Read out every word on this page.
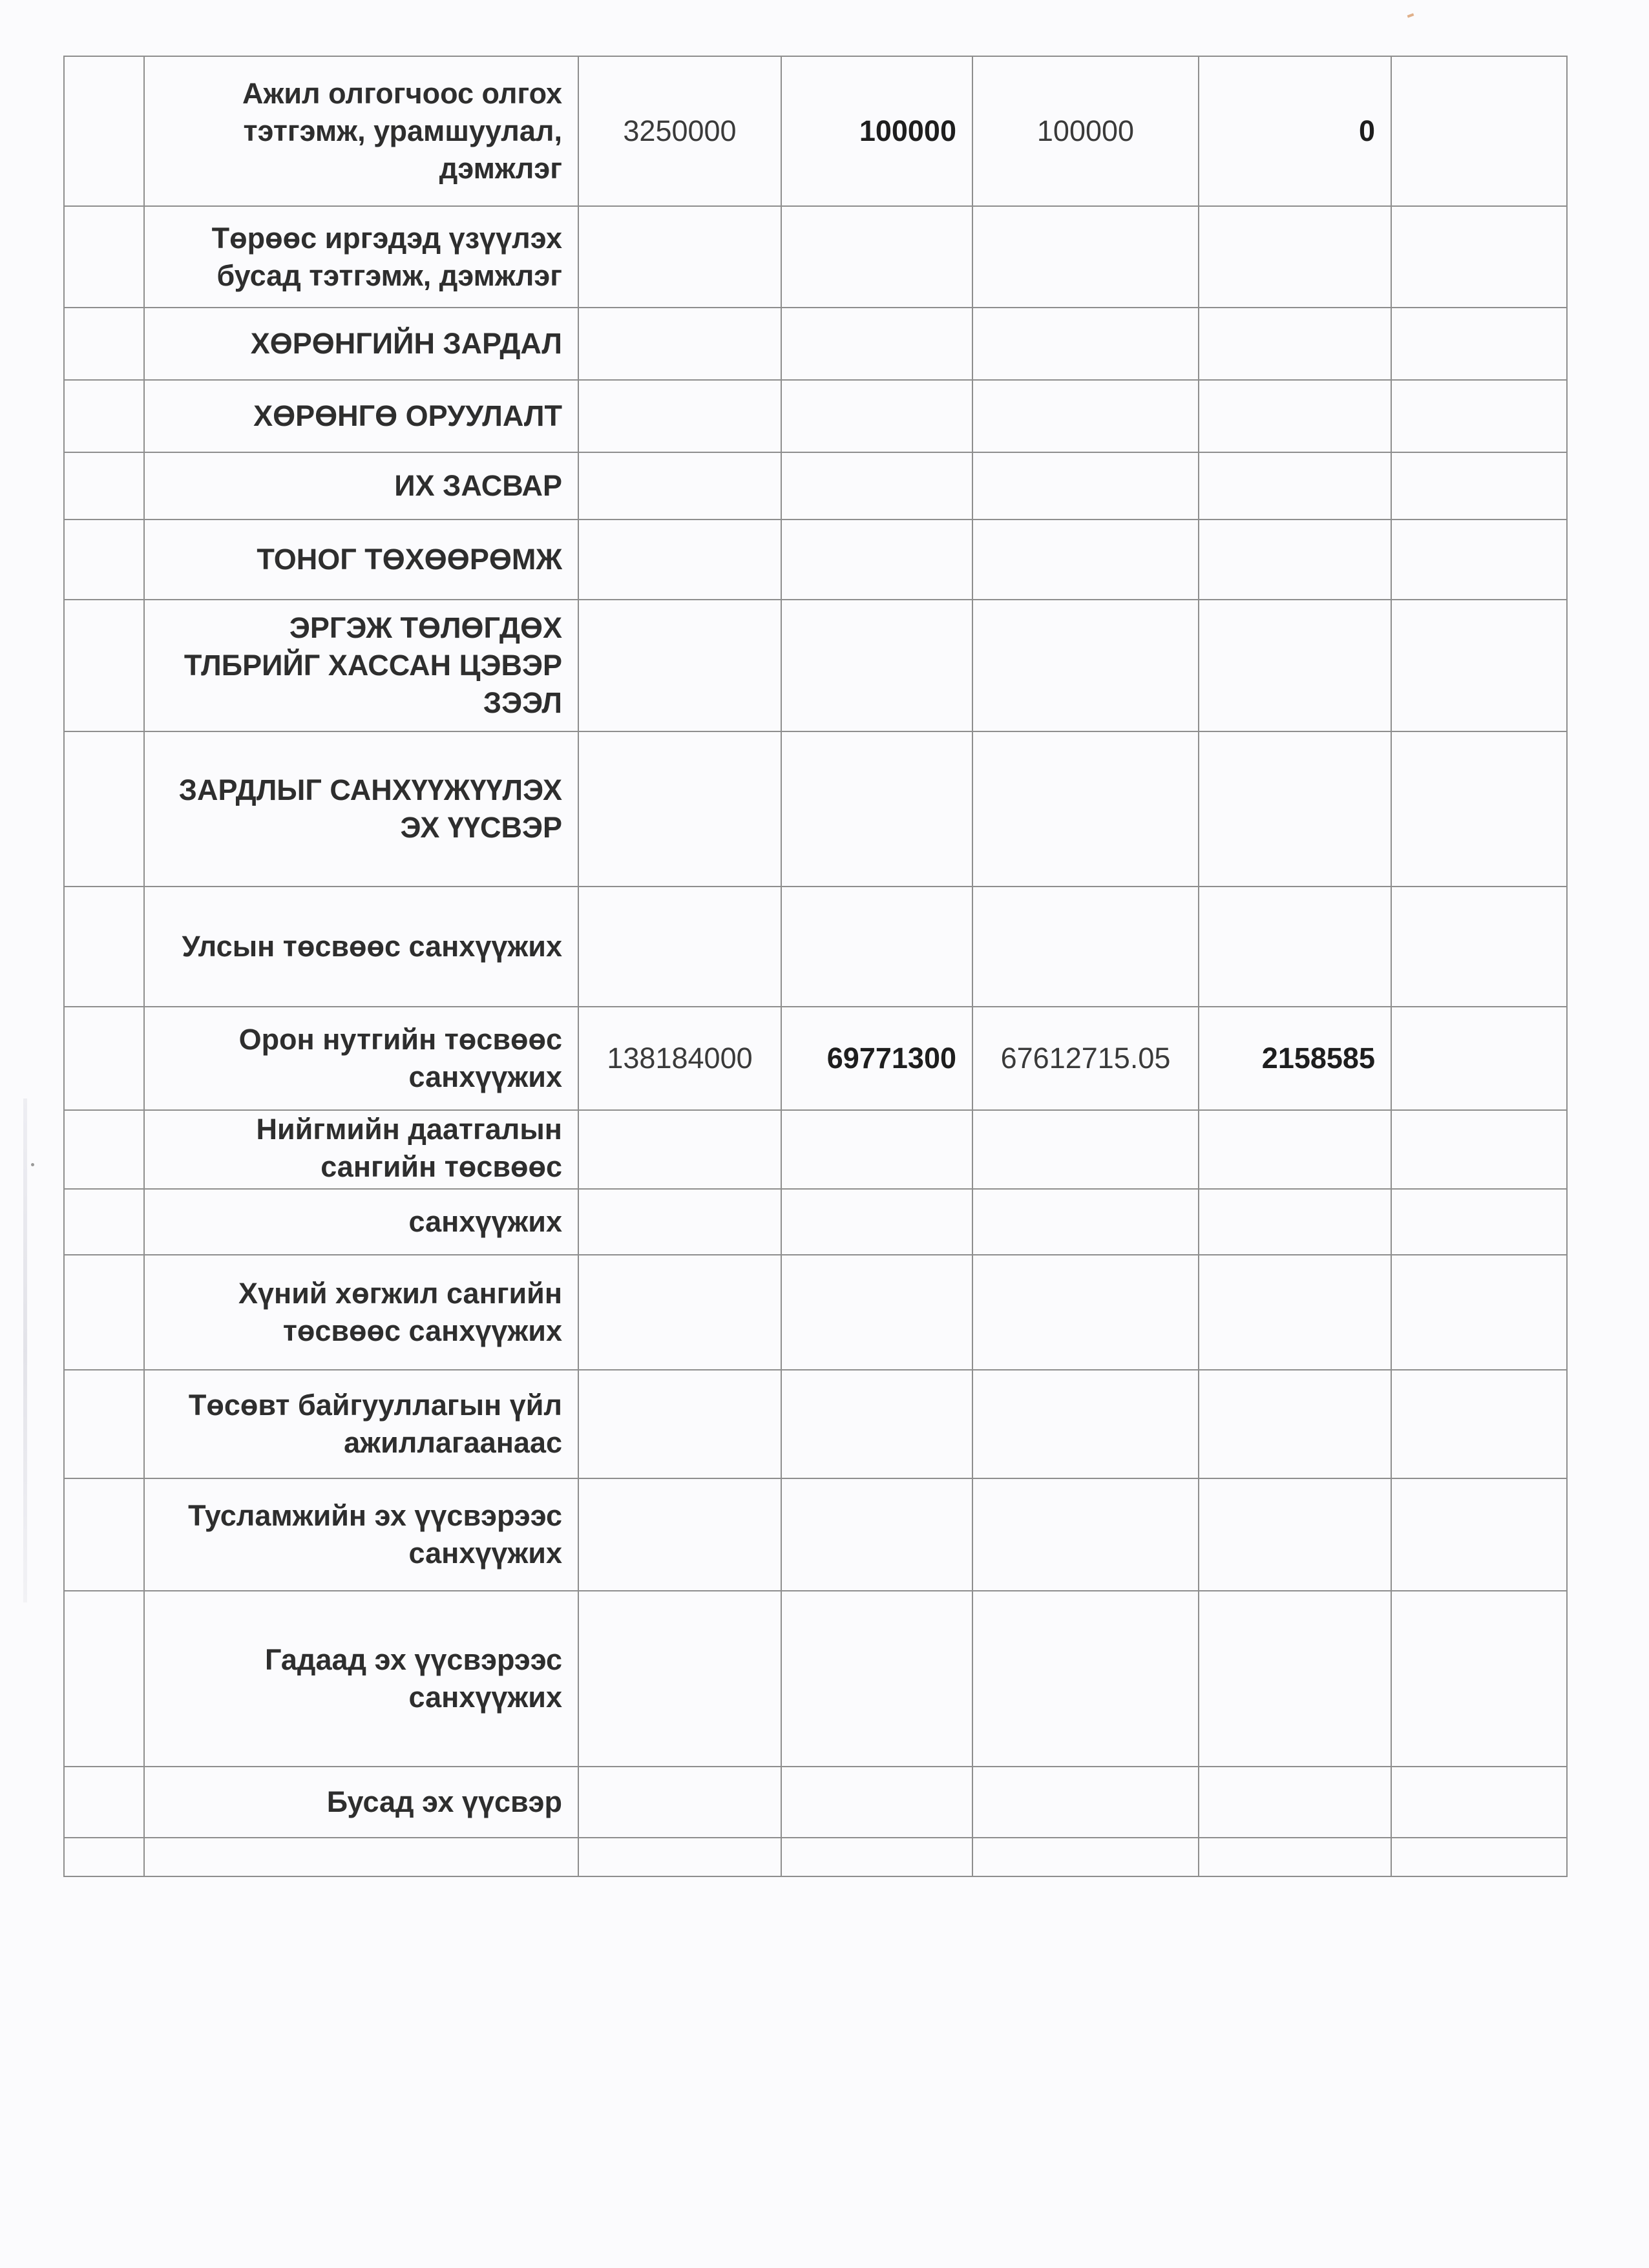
	Ажил олгогчоос олгох тэтгэмж, урамшуулал, дэмжлэг	3250000	100000	100000	0	
	Төрөөс иргэдэд үзүүлэх бусад тэтгэмж, дэмжлэг					
	ХӨРӨНГИЙН ЗАРДАЛ					
	ХӨРӨНГӨ ОРУУЛАЛТ					
	ИХ ЗАСВАР					
	ТОНОГ ТӨХӨӨРӨМЖ					
	ЭРГЭЖ ТӨЛӨГДӨХ ТЛБРИЙГ ХАССАН ЦЭВЭР ЗЭЭЛ					
	ЗАРДЛЫГ САНХҮҮЖҮҮЛЭХ ЭХ ҮҮСВЭР					
	Улсын төсвөөс санхүүжих					
	Орон нутгийн төсвөөс санхүүжих	138184000	69771300	67612715.05	2158585	
	Нийгмийн даатгалын сангийн төсвөөс					
	санхүүжих					
	Хүний хөгжил сангийн төсвөөс санхүүжих					
	Төсөвт байгууллагын үйл ажиллагаанаас					
	Тусламжийн эх үүсвэрээс санхүүжих					
	Гадаад эх үүсвэрээс санхүүжих					
	Бусад эх үүсвэр					
